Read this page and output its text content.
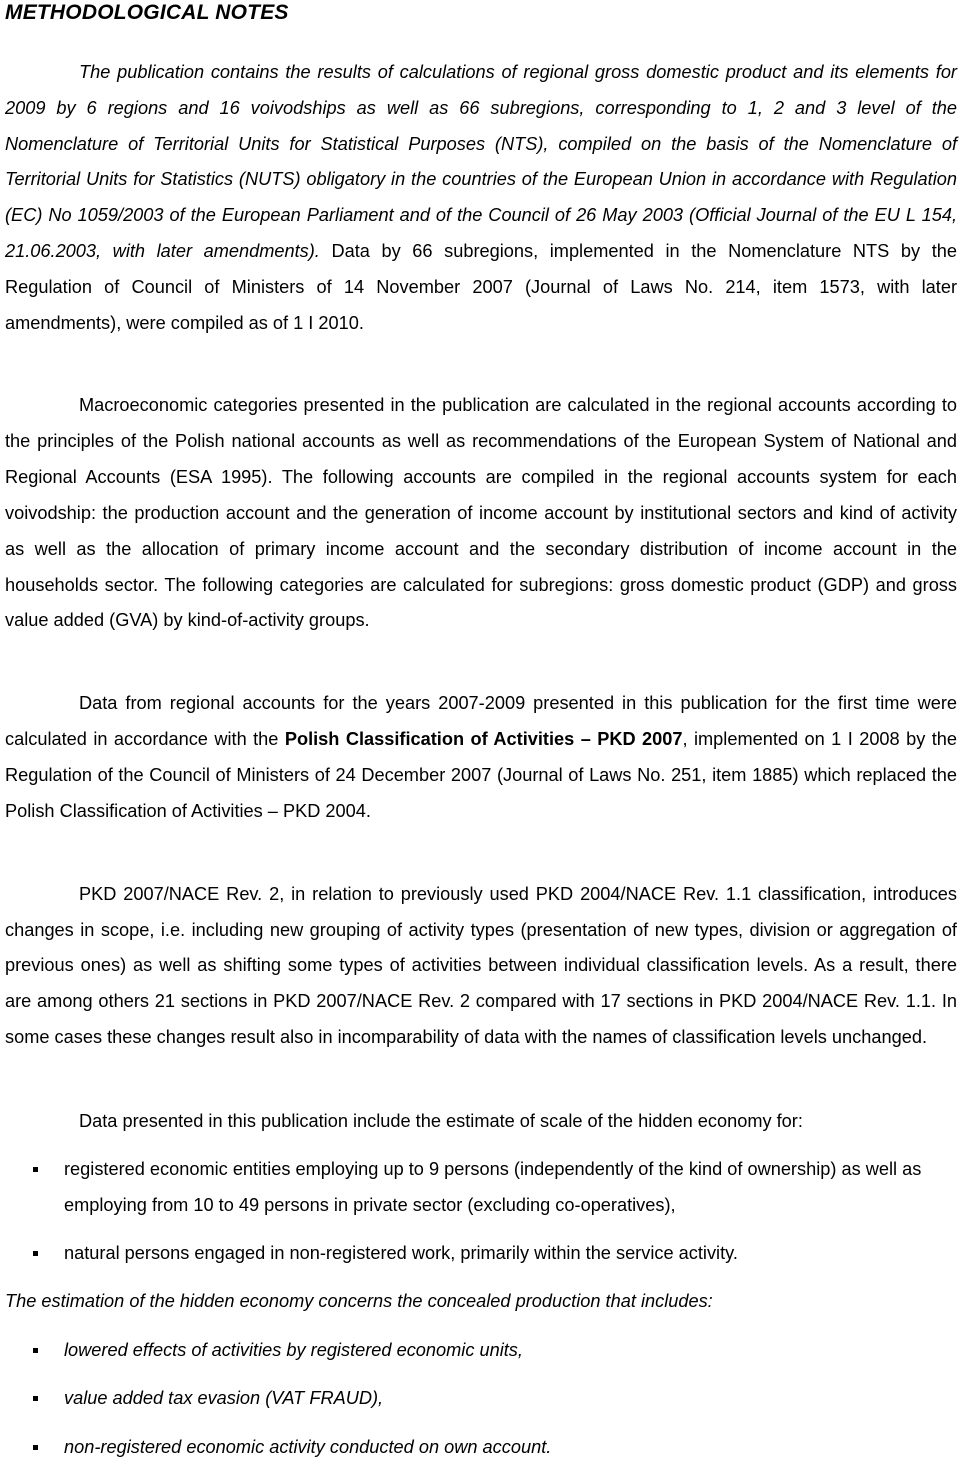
METHODOLOGICAL NOTES
The publication contains the results of calculations of regional gross domestic product and its elements for 2009 by 6 regions and 16 voivodships as well as 66 subregions, corresponding to 1, 2 and 3 level of the Nomenclature of Territorial Units for Statistical Purposes (NTS), compiled on the basis of the Nomenclature of Territorial Units for Statistics (NUTS) obligatory in the countries of the European Union in accordance with Regulation (EC) No 1059/2003 of the European Parliament and of the Council of 26 May 2003 (Official Journal of the EU L 154, 21.06.2003, with later amendments). Data by 66 subregions, implemented in the Nomenclature NTS by the Regulation of Council of Ministers of 14 November 2007 (Journal of Laws No. 214, item 1573, with later amendments), were compiled as of 1 I 2010.

Macroeconomic categories presented in the publication are calculated in the regional accounts according to the principles of the Polish national accounts as well as recommendations of the European System of National and Regional Accounts (ESA 1995). The following accounts are compiled in the regional accounts system for each voivodship: the production account and the generation of income account by institutional sectors and kind of activity as well as the allocation of primary income account and the secondary distribution of income account in the households sector. The following categories are calculated for subregions: gross domestic product (GDP) and gross value added (GVA) by kind-of-activity groups.

Data from regional accounts for the years 2007-2009 presented in this publication for the first time were calculated in accordance with the Polish Classification of Activities – PKD 2007, implemented on 1 I 2008 by the Regulation of the Council of Ministers of 24 December 2007 (Journal of Laws No. 251, item 1885) which replaced the Polish Classification of Activities – PKD 2004.

PKD 2007/NACE Rev. 2, in relation to previously used PKD 2004/NACE Rev. 1.1 classification, introduces changes in scope, i.e. including new grouping of activity types (presentation of new types, division or aggregation of previous ones) as well as shifting some types of activities between individual classification levels. As a result, there are among others 21 sections in PKD 2007/NACE Rev. 2 compared with 17 sections in PKD 2004/NACE Rev. 1.1. In some cases these changes result also in incomparability of data with the names of classification levels unchanged.

Data presented in this publication include the estimate of scale of the hidden economy for:

registered economic entities employing up to 9 persons (independently of the kind of ownership) as well as employing from 10 to 49 persons in private sector (excluding co-operatives),
natural persons engaged in non-registered work, primarily within the service activity.

The estimation of the hidden economy concerns the concealed production that includes:

lowered effects of activities by registered economic units,
value added tax evasion (VAT FRAUD),
non-registered economic activity conducted on own account.
